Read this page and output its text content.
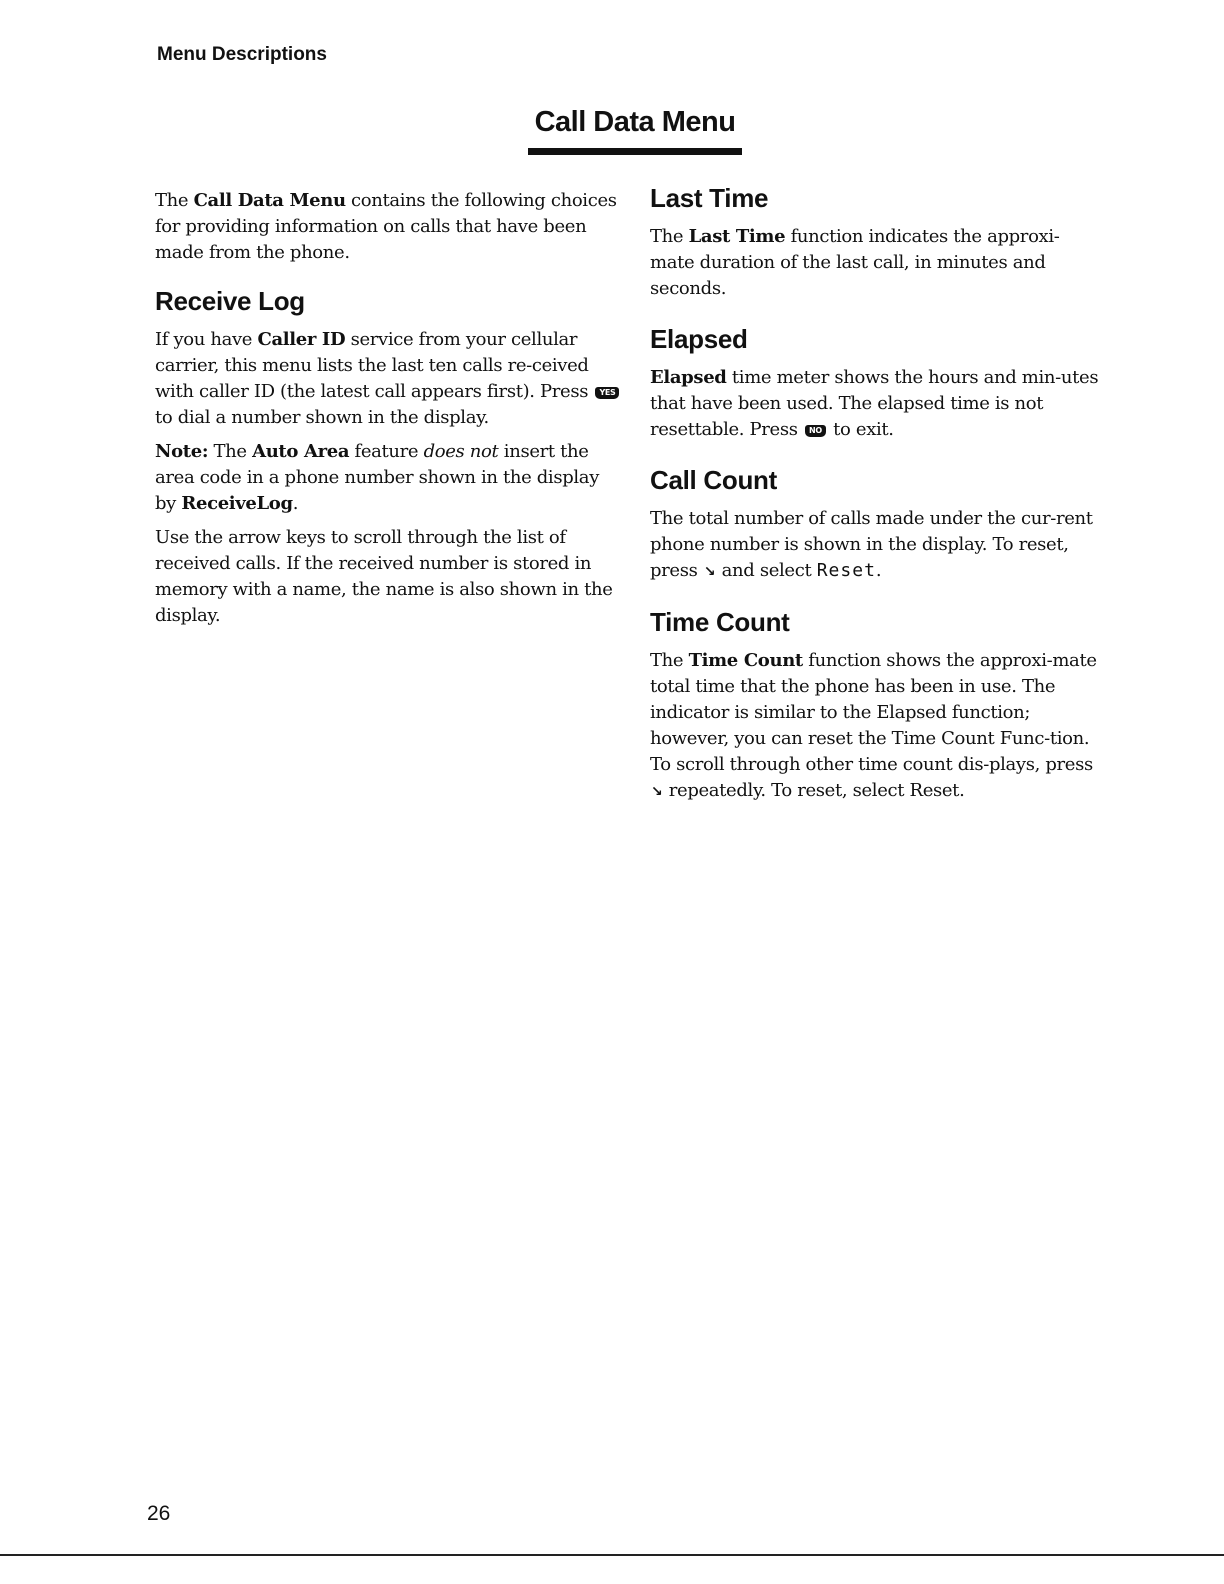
Menu Descriptions
Call Data Menu

The Call Data Menu contains the following choices for providing information on calls that have been made from the phone.

Receive Log

If you have Caller ID service from your cellular carrier, this menu lists the last ten calls re-ceived with caller ID (the latest call appears first). Press YES to dial a number shown in the display.

Note: The Auto Area feature does not insert the area code in a phone number shown in the display by ReceiveLog.

Use the arrow keys to scroll through the list of received calls. If the received number is stored in memory with a name, the name is also shown in the display.

Last Time

The Last Time function indicates the approxi-mate duration of the last call, in minutes and seconds.

Elapsed

Elapsed time meter shows the hours and min-utes that have been used. The elapsed time is not resettable. Press NO to exit.

Call Count

The total number of calls made under the cur-rent phone number is shown in the display. To reset, press ↘ and select Reset.

Time Count

The Time Count function shows the approxi-mate total time that the phone has been in use. The indicator is similar to the Elapsed function; however, you can reset the Time Count Func-tion. To scroll through other time count dis-plays, press ↘ repeatedly. To reset, select Reset.

26
